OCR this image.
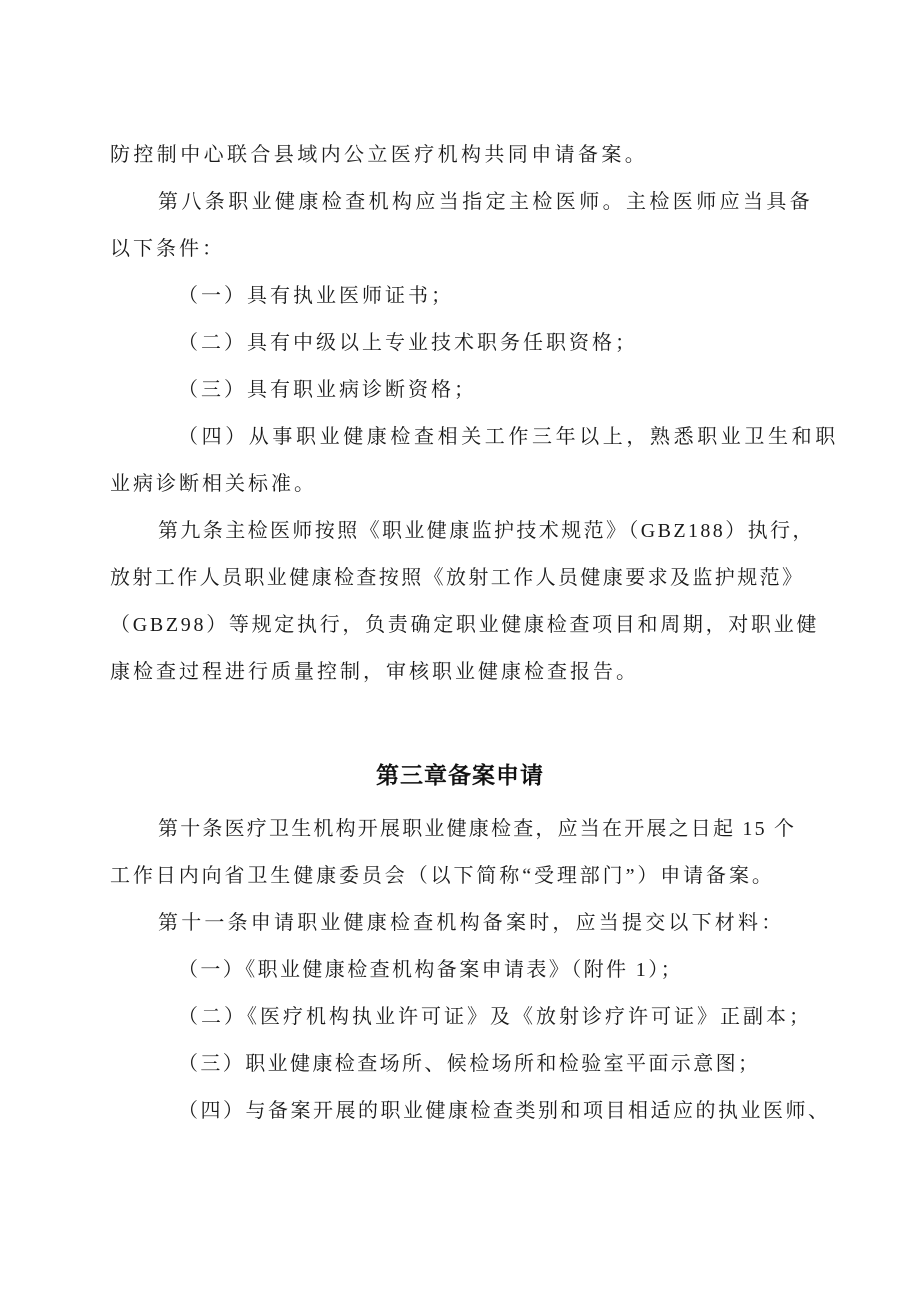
防控制中心联合县域内公立医疗机构共同申请备案。

第八条职业健康检查机构应当指定主检医师。主检医师应当具备

以下条件：

（一）具有执业医师证书；

（二）具有中级以上专业技术职务任职资格；

（三）具有职业病诊断资格；

（四）从事职业健康检查相关工作三年以上，熟悉职业卫生和职

业病诊断相关标准。

第九条主检医师按照《职业健康监护技术规范》（GBZ188）执行，

放射工作人员职业健康检查按照《放射工作人员健康要求及监护规范》

（GBZ98）等规定执行，负责确定职业健康检查项目和周期，对职业健

康检查过程进行质量控制，审核职业健康检查报告。

第三章备案申请

第十条医疗卫生机构开展职业健康检查，应当在开展之日起 15 个

工作日内向省卫生健康委员会（以下简称“受理部门”）申请备案。

第十一条申请职业健康检查机构备案时，应当提交以下材料：

（一）《职业健康检查机构备案申请表》（附件 1）；

（二）《医疗机构执业许可证》及《放射诊疗许可证》正副本；

（三）职业健康检查场所、候检场所和检验室平面示意图；

（四）与备案开展的职业健康检查类别和项目相适应的执业医师、
